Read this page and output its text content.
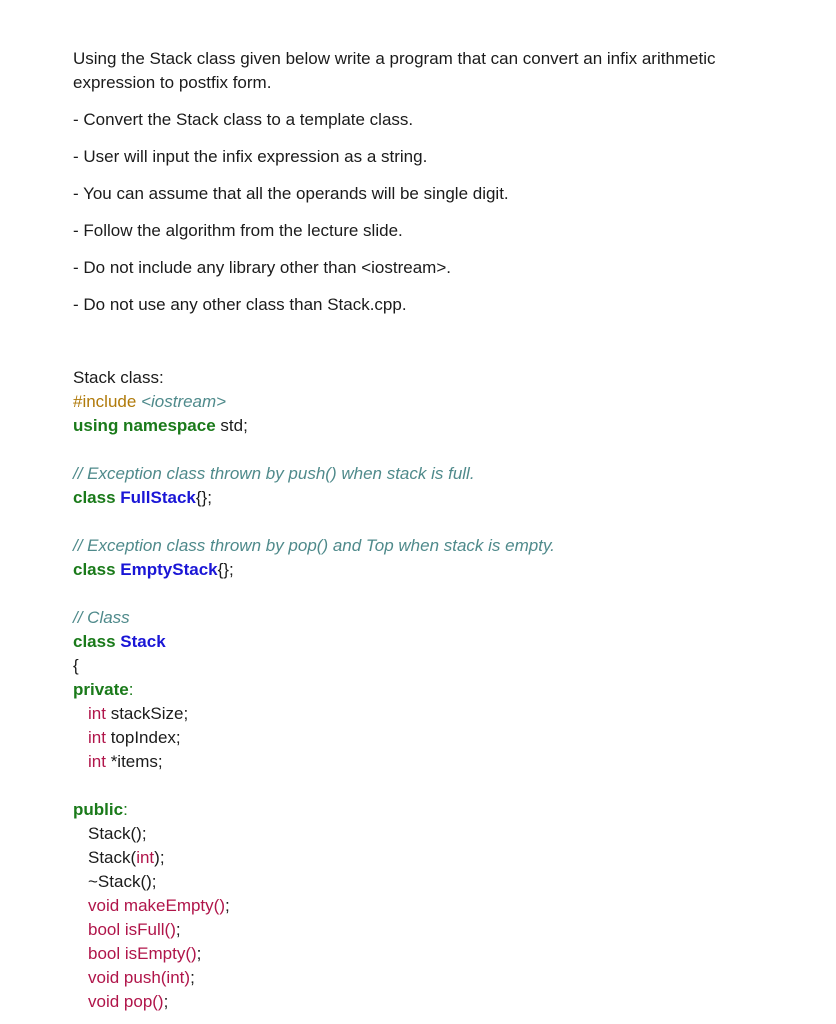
Using the Stack class given below write a program that can convert an infix arithmetic expression to postfix form.

- Convert the Stack class to a template class.

- User will input the infix expression as a string.

- You can assume that all the operands will be single digit.

- Follow the algorithm from the lecture slide.

- Do not include any library other than <iostream>.

- Do not use any other class than Stack.cpp.

Stack class:
#include <iostream>
using namespace std;
// Exception class thrown by push() when stack is full.
class FullStack{};
// Exception class thrown by pop() and Top when stack is empty.
class EmptyStack{};
// Class
class Stack
{
private:
int stackSize;
int topIndex;
int *items;
public:
Stack();
Stack(int);
~Stack();
void makeEmpty();
bool isFull();
bool isEmpty();
void push(int);
void pop();
